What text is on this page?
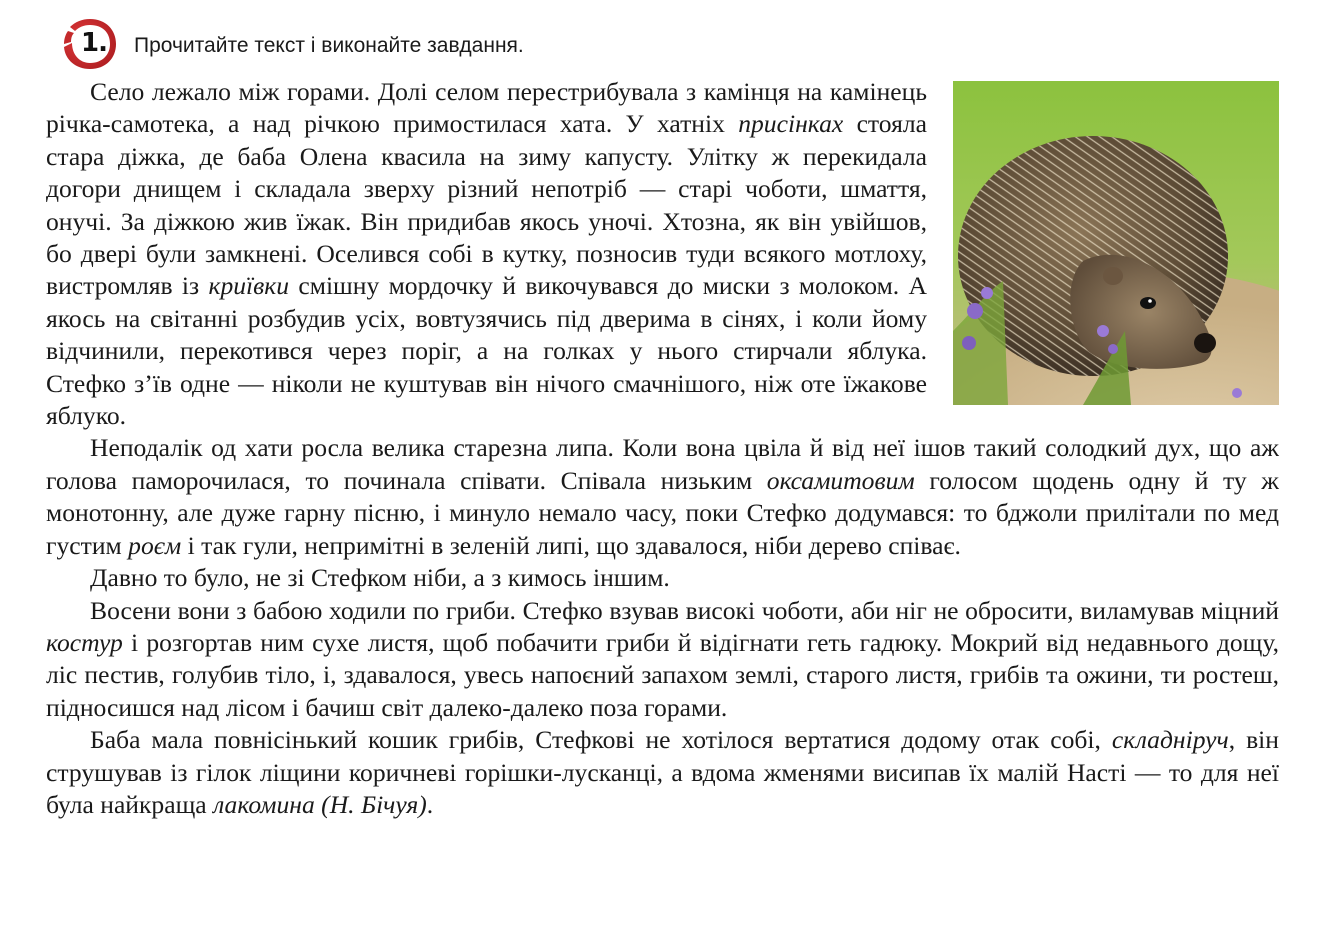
1. Прочитайте текст і виконайте завдання.

Село лежало між горами. Долі селом перестрибувала з камінця на камінець річка-самотека, а над річкою примостилася хата. У хатніх присінках стояла стара діжка, де баба Олена квасила на зиму капусту. Улітку ж перекидала догори днищем і складала зверху різний непотріб — старі чоботи, шмаття, онучі. За діжкою жив їжак. Він придибав якось уночі. Хтозна, як він увійшов, бо двері були замкнені. Оселився собі в кутку, позносив туди всякого мотлоху, вистромляв із криївки смішну мордочку й викочувався до миски з молоком. А якось на світанні розбудив усіх, вовтузячись під дверима в сінях, і коли йому відчинили, перекотився через поріг, а на голках у нього стирчали яблука. Стефко з’їв одне — ніколи не куштував він нічого смачнішого, ніж оте їжакове яблуко.

Неподалік од хати росла велика старезна липа. Коли вона цвіла й від неї ішов такий солодкий дух, що аж голова паморочилася, то починала співати. Співала низьким оксамитовим голосом щодень одну й ту ж монотонну, але дуже гарну пісню, і минуло немало часу, поки Стефко додумався: то бджоли прилітали по мед густим роєм і так гули, непримітні в зеленій липі, що здавалося, ніби дерево співає.

Давно то було, не зі Стефком ніби, а з кимось іншим.

Восени вони з бабою ходили по гриби. Стефко взував високі чоботи, аби ніг не обросити, виламував міцний костур і розгортав ним сухе листя, щоб побачити гриби й відігнати геть гадюку. Мокрий від недавнього дощу, ліс пестив, голубив тіло, і, здавалося, увесь напоєний запахом землі, старого листя, грибів та ожини, ти ростеш, підносишся над лісом і бачиш світ далеко-далеко поза горами.

Баба мала повнісінький кошик грибів, Стефкові не хотілося вертатися додому отак собі, складніруч, він струшував із гілок ліщини коричневі горішки-лусканці, а вдома жменями висипав їх малій Насті — то для неї була найкраща лакомина (Н. Бічуя).
